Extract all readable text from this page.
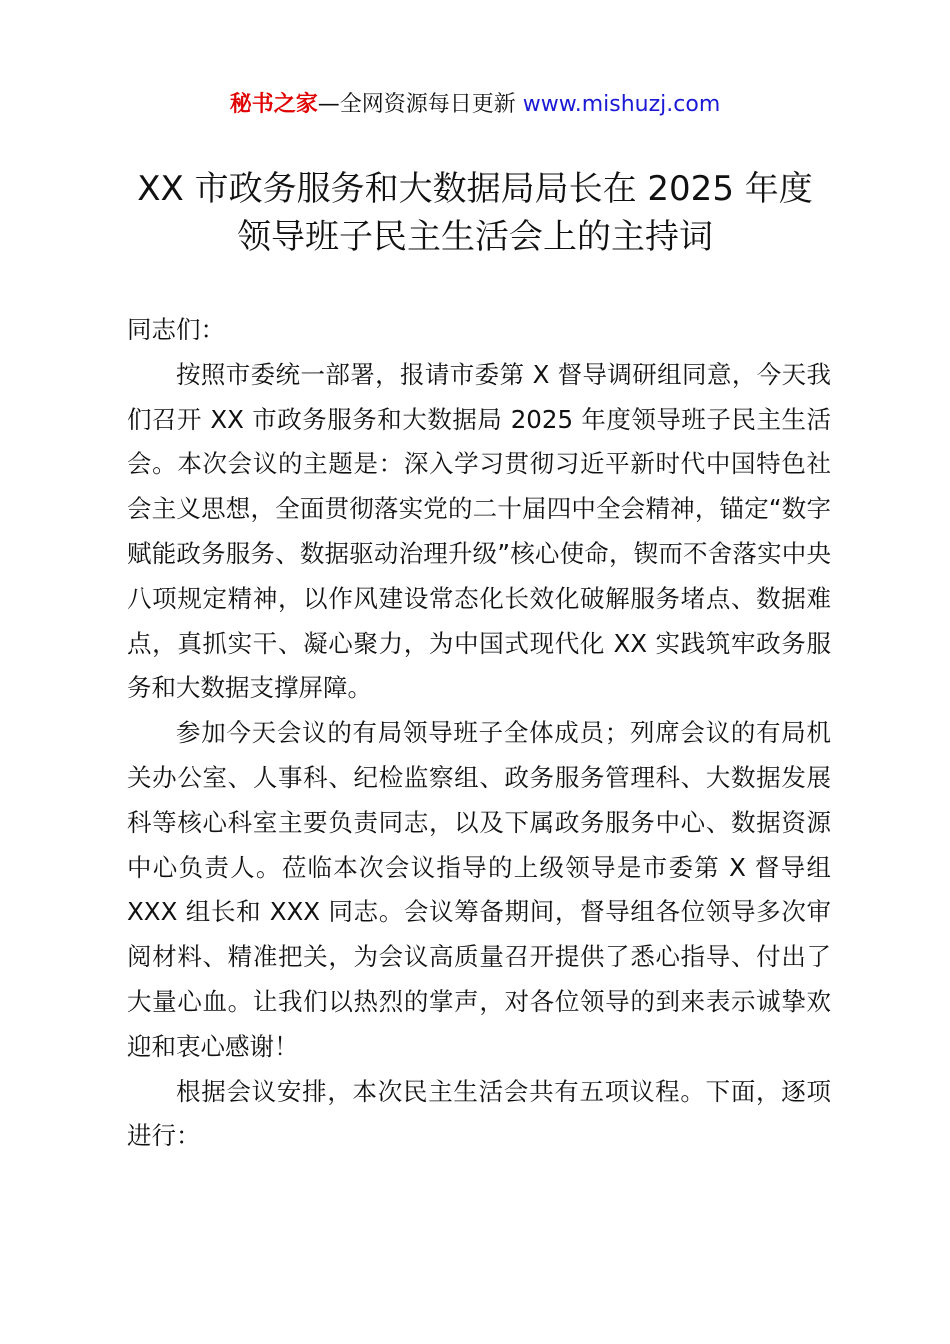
秘书之家—全网资源每日更新 www.mishuzj.com
XX 市政务服务和大数据局局长在 2025 年度
领导班子民主生活会上的主持词

同志们：

按照市委统一部署，报请市委第 X 督导调研组同意，今天我们召开 XX 市政务服务和大数据局 2025 年度领导班子民主生活会。本次会议的主题是：深入学习贯彻习近平新时代中国特色社会主义思想，全面贯彻落实党的二十届四中全会精神，锚定“数字赋能政务服务、数据驱动治理升级”核心使命，锲而不舍落实中央八项规定精神，以作风建设常态化长效化破解服务堵点、数据难点，真抓实干、凝心聚力，为中国式现代化 XX 实践筑牢政务服务和大数据支撑屏障。

参加今天会议的有局领导班子全体成员；列席会议的有局机关办公室、人事科、纪检监察组、政务服务管理科、大数据发展科等核心科室主要负责同志，以及下属政务服务中心、数据资源中心负责人。莅临本次会议指导的上级领导是市委第 X 督导组 XXX 组长和 XXX 同志。会议筹备期间，督导组各位领导多次审阅材料、精准把关，为会议高质量召开提供了悉心指导、付出了大量心血。让我们以热烈的掌声，对各位领导的到来表示诚挚欢迎和衷心感谢！

根据会议安排，本次民主生活会共有五项议程。下面，逐项进行：
